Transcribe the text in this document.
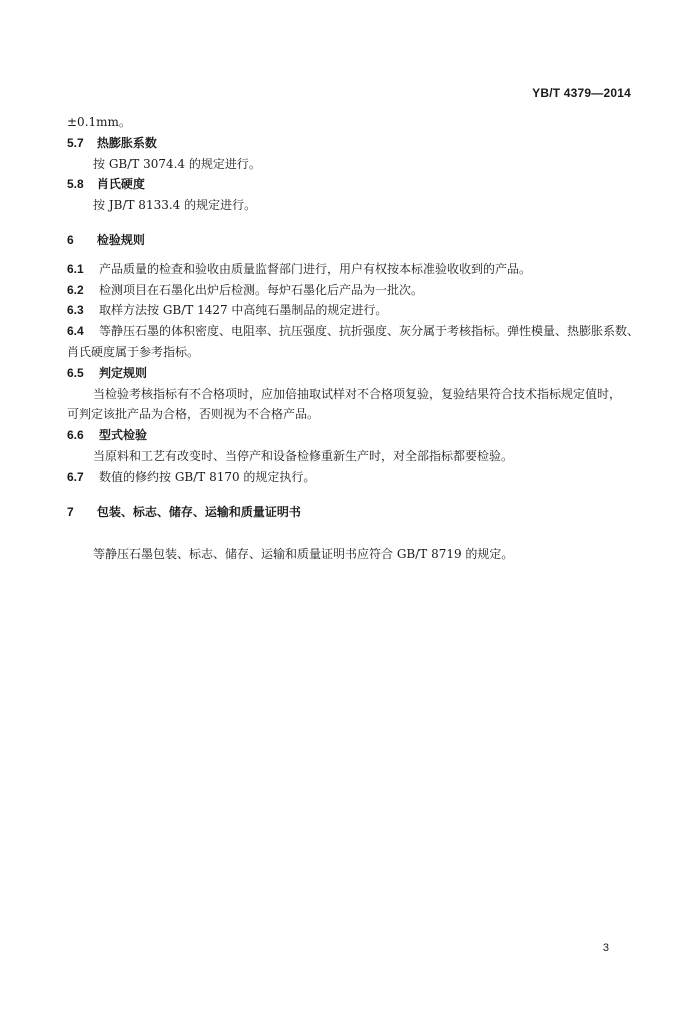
YB/T 4379—2014
±0.1mm。
5.7 热膨胀系数
按 GB/T 3074.4 的规定进行。
5.8 肖氏硬度
按 JB/T 8133.4 的规定进行。
6 检验规则
6.1 产品质量的检查和验收由质量监督部门进行，用户有权按本标准验收收到的产品。
6.2 检测项目在石墨化出炉后检测。每炉石墨化后产品为一批次。
6.3 取样方法按 GB/T 1427 中高纯石墨制品的规定进行。
6.4 等静压石墨的体积密度、电阻率、抗压强度、抗折强度、灰分属于考核指标。弹性模量、热膨胀系数、
肖氏硬度属于参考指标。
6.5 判定规则
当检验考核指标有不合格项时，应加倍抽取试样对不合格项复验，复验结果符合技术指标规定值时，
可判定该批产品为合格，否则视为不合格产品。
6.6 型式检验
当原料和工艺有改变时、当停产和设备检修重新生产时，对全部指标都要检验。
6.7 数值的修约按 GB/T 8170 的规定执行。
7 包装、标志、储存、运输和质量证明书
等静压石墨包装、标志、储存、运输和质量证明书应符合 GB/T 8719 的规定。
3
